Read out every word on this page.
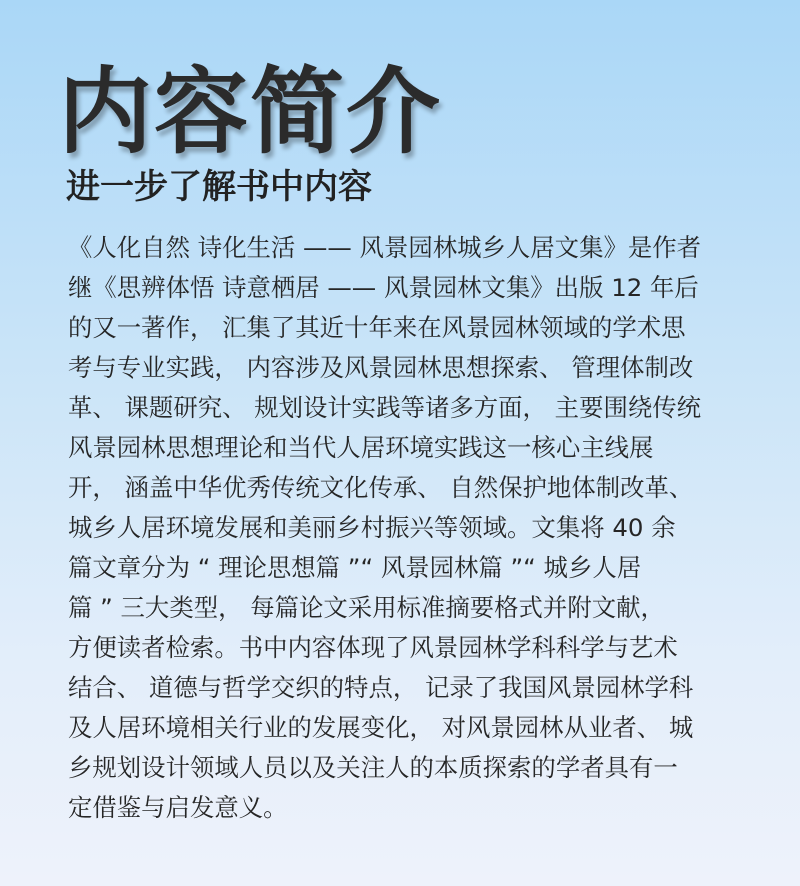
内容简介
进一步了解书中内容
《人化自然 诗化生活 —— 风景园林城乡人居文集》是作者
继《思辨体悟 诗意栖居 —— 风景园林文集》出版 12 年后
的又一著作， 汇集了其近十年来在风景园林领域的学术思
考与专业实践， 内容涉及风景园林思想探索、 管理体制改
革、 课题研究、 规划设计实践等诸多方面， 主要围绕传统
风景园林思想理论和当代人居环境实践这一核心主线展
开， 涵盖中华优秀传统文化传承、 自然保护地体制改革、
城乡人居环境发展和美丽乡村振兴等领域。文集将 40 余
篇文章分为 “ 理论思想篇 ”“ 风景园林篇 ”“ 城乡人居
篇 ” 三大类型， 每篇论文采用标准摘要格式并附文献，
方便读者检索。书中内容体现了风景园林学科科学与艺术
结合、 道德与哲学交织的特点， 记录了我国风景园林学科
及人居环境相关行业的发展变化， 对风景园林从业者、 城
乡规划设计领域人员以及关注人的本质探索的学者具有一
定借鉴与启发意义。
